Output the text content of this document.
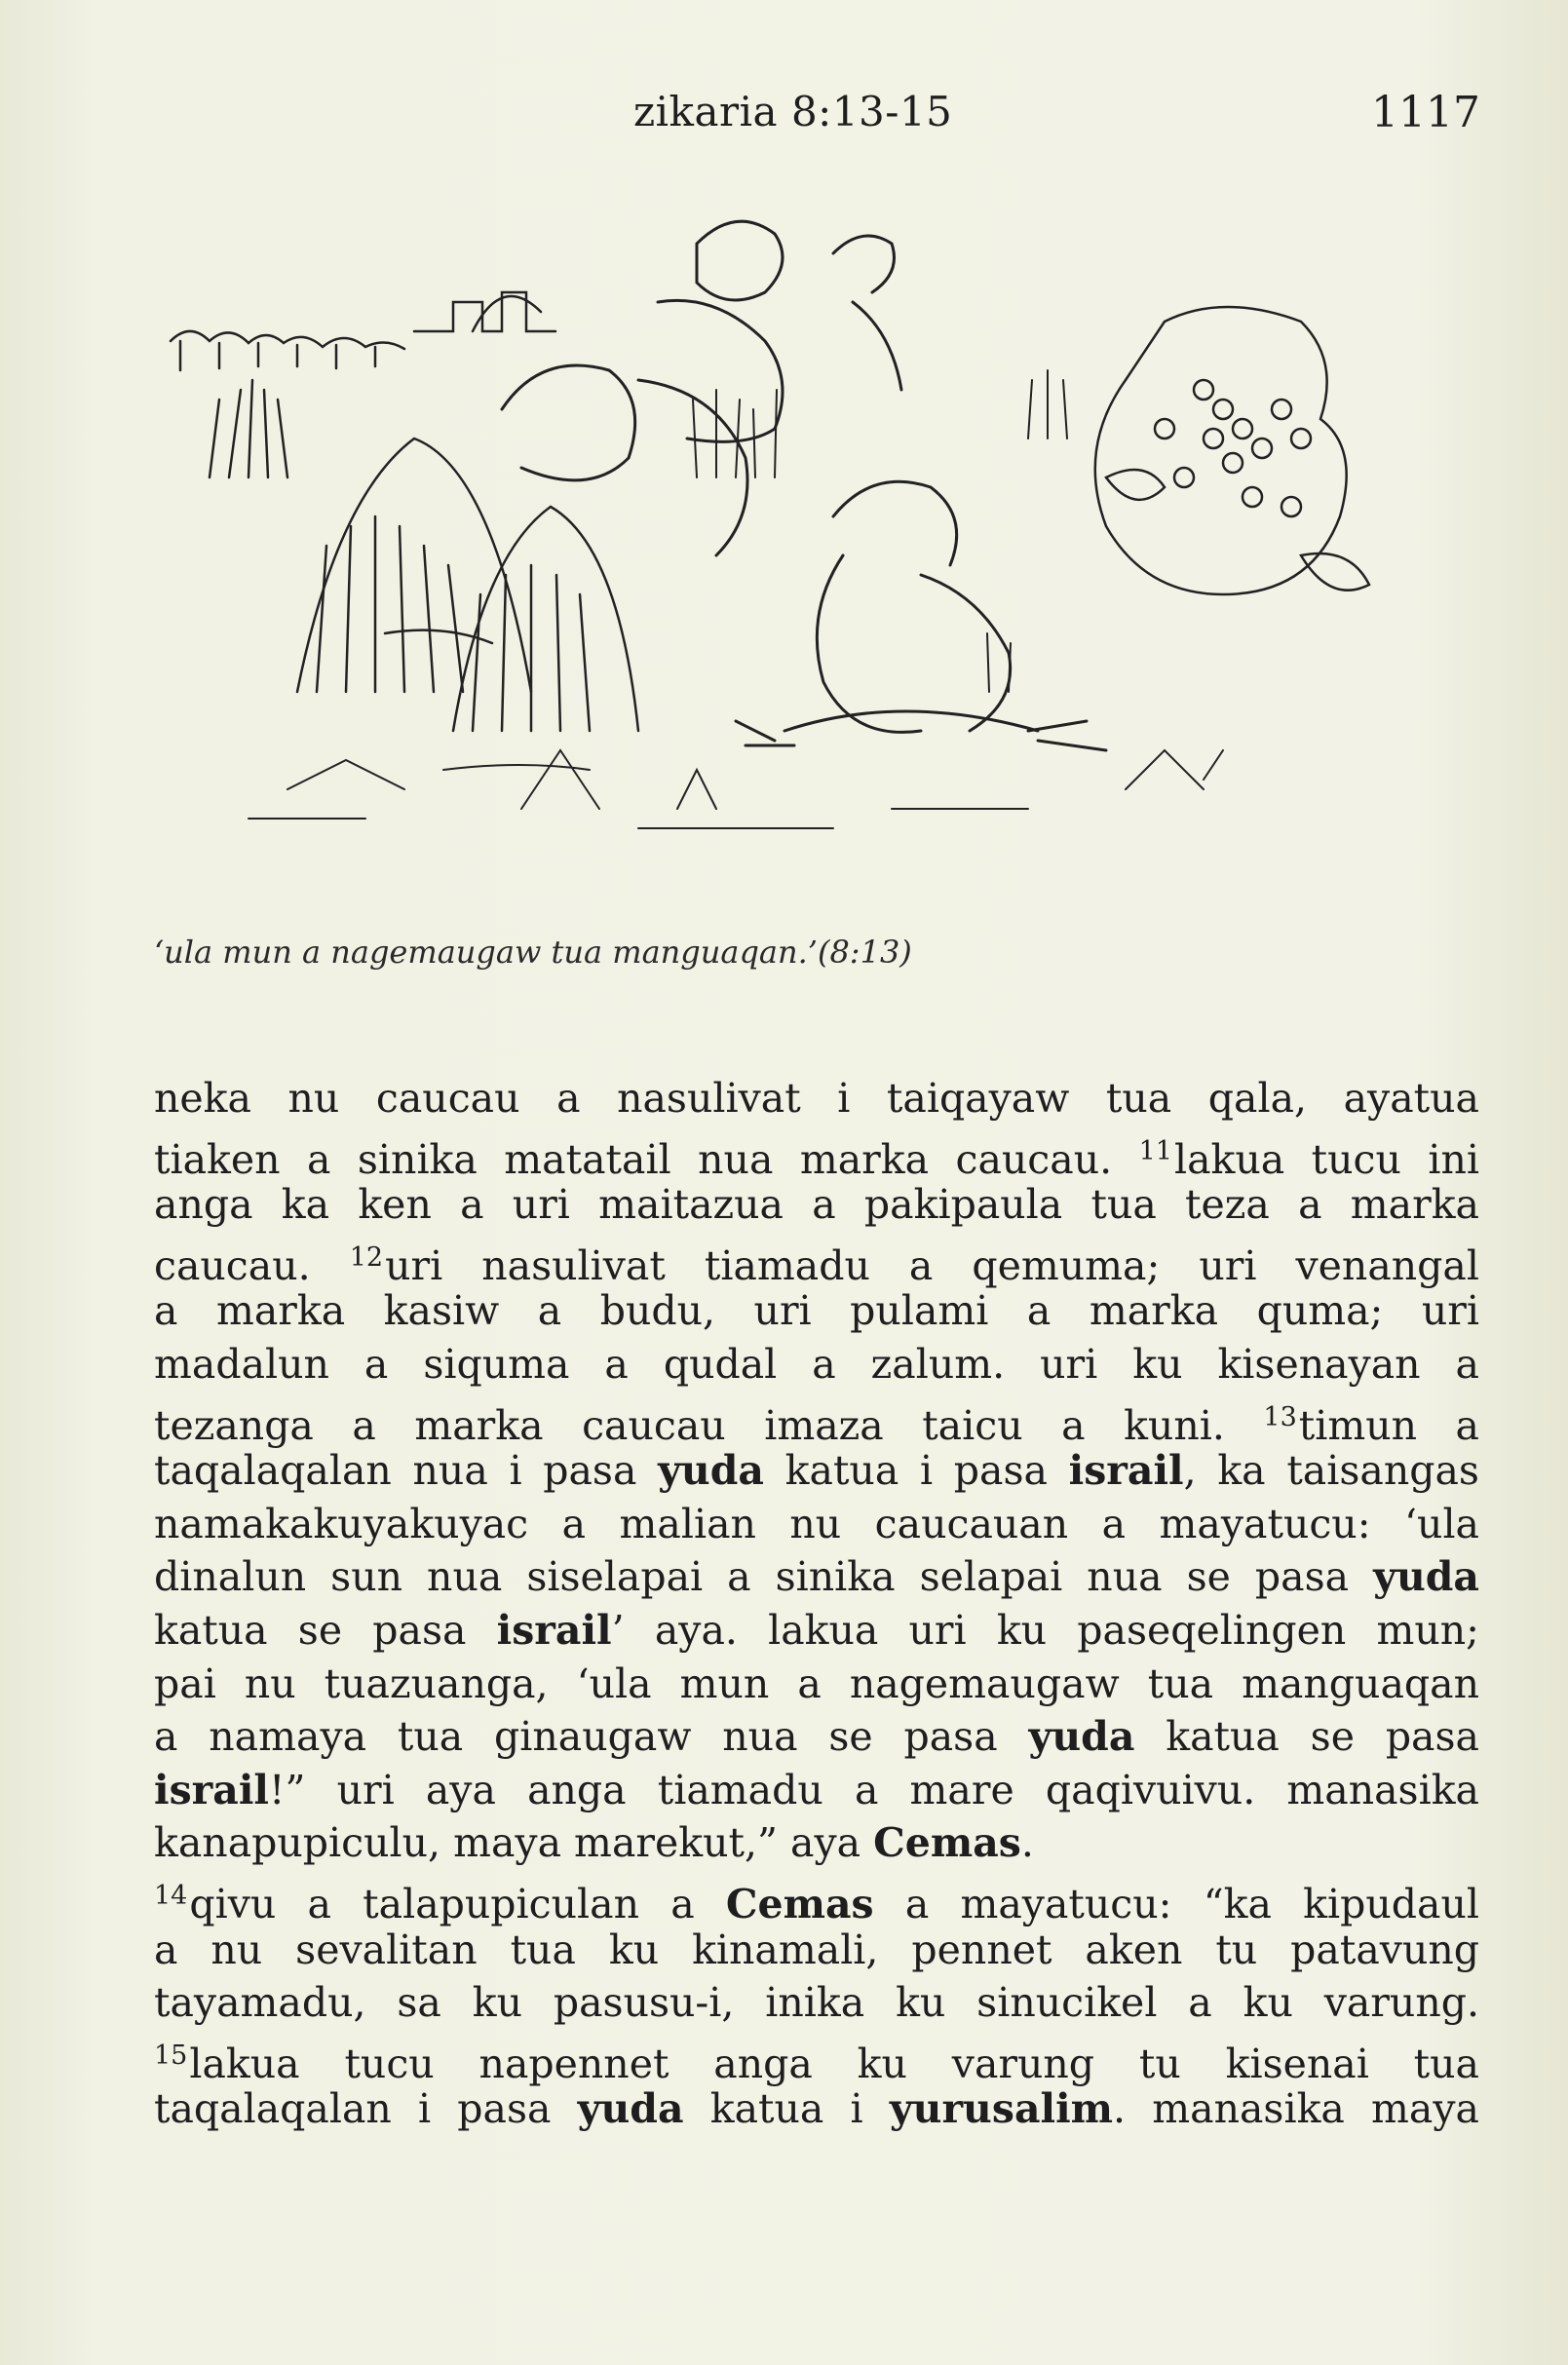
zikaria 8:13-15	1117
‘ula mun a nagemaugaw tua manguaqan.’(8:13)
neka nu caucau a nasulivat i taiqayaw tua qala, ayatua
tiaken a sinika matatail nua marka caucau. $^{11}$lakua tucu ini
anga ka ken a uri maitazua a pakipaula tua teza a marka
caucau. $^{12}$uri nasulivat tiamadu a qemuma; uri venangal
a marka kasiw a budu, uri pulami a marka quma; uri
madalun a siquma a qudal a zalum. uri ku kisenayan a
tezanga a marka caucau imaza taicu a kuni. $^{13}$timun a
taqalaqalan nua i pasa yuda katua i pasa israil, ka taisangas
namakakuyakuyac a malian nu caucauan a mayatucu: ‘ula
dinalun sun nua siselapai a sinika selapai nua se pasa yuda
katua se pasa israil’ aya. lakua uri ku paseqelingen mun;
pai nu tuazuanga, ‘ula mun a nagemaugaw tua manguaqan
a namaya tua ginaugaw nua se pasa yuda katua se pasa
israil!” uri aya anga tiamadu a mare qaqivuivu. manasika
kanapupiculu, maya marekut,” aya Cemas.
$^{14}$qivu a talapupiculan a Cemas a mayatucu: “ka kipudaul
a nu sevalitan tua ku kinamali, pennet aken tu patavung
tayamadu, sa ku pasusu-i, inika ku sinucikel a ku varung.
$^{15}$lakua tucu napennet anga ku varung tu kisenai tua
taqalaqalan i pasa yuda katua i yurusalim. manasika maya
